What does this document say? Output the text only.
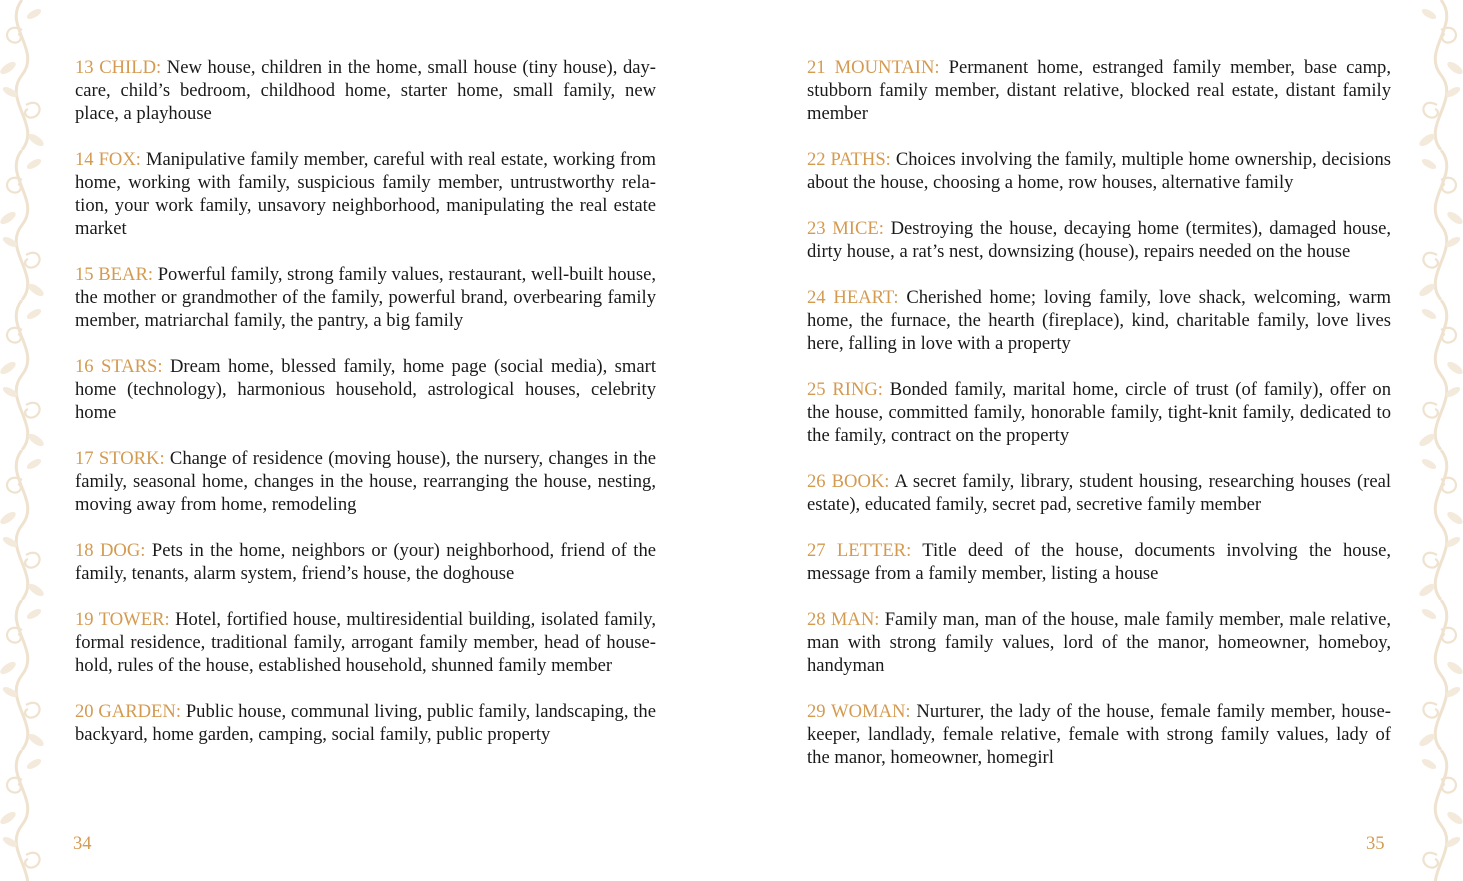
13 CHILD: New house, children in the home, small house (tiny house), daycare, child’s bedroom, childhood home, starter home, small family, new place, a playhouse

14 FOX: Manipulative family member, careful with real estate, working from home, working with family, suspicious family member, untrustworthy relation, your work family, unsavory neighborhood, manipulating the real estate market

15 BEAR: Powerful family, strong family values, restaurant, well-built house, the mother or grandmother of the family, powerful brand, overbearing family member, matriarchal family, the pantry, a big family

16 STARS: Dream home, blessed family, home page (social media), smart home (technology), harmonious household, astrological houses, celebrity home

17 STORK: Change of residence (moving house), the nursery, changes in the family, seasonal home, changes in the house, rearranging the house, nesting, moving away from home, remodeling

18 DOG: Pets in the home, neighbors or (your) neighborhood, friend of the family, tenants, alarm system, friend’s house, the doghouse

19 TOWER: Hotel, fortified house, multiresidential building, isolated family, formal residence, traditional family, arrogant family member, head of household, rules of the house, established household, shunned family member

20 GARDEN: Public house, communal living, public family, landscaping, the backyard, home garden, camping, social family, public property

21 MOUNTAIN: Permanent home, estranged family member, base camp, stubborn family member, distant relative, blocked real estate, distant family member

22 PATHS: Choices involving the family, multiple home ownership, decisions about the house, choosing a home, row houses, alternative family

23 MICE: Destroying the house, decaying home (termites), damaged house, dirty house, a rat’s nest, downsizing (house), repairs needed on the house

24 HEART: Cherished home; loving family, love shack, welcoming, warm home, the furnace, the hearth (fireplace), kind, charitable family, love lives here, falling in love with a property

25 RING: Bonded family, marital home, circle of trust (of family), offer on the house, committed family, honorable family, tight-knit family, dedicated to the family, contract on the property

26 BOOK: A secret family, library, student housing, researching houses (real estate), educated family, secret pad, secretive family member

27 LETTER: Title deed of the house, documents involving the house, message from a family member, listing a house

28 MAN: Family man, man of the house, male family member, male relative, man with strong family values, lord of the manor, homeowner, homeboy, handyman

29 WOMAN: Nurturer, the lady of the house, female family member, housekeeper, landlady, female relative, female with strong family values, lady of the manor, homeowner, homegirl

34	35
